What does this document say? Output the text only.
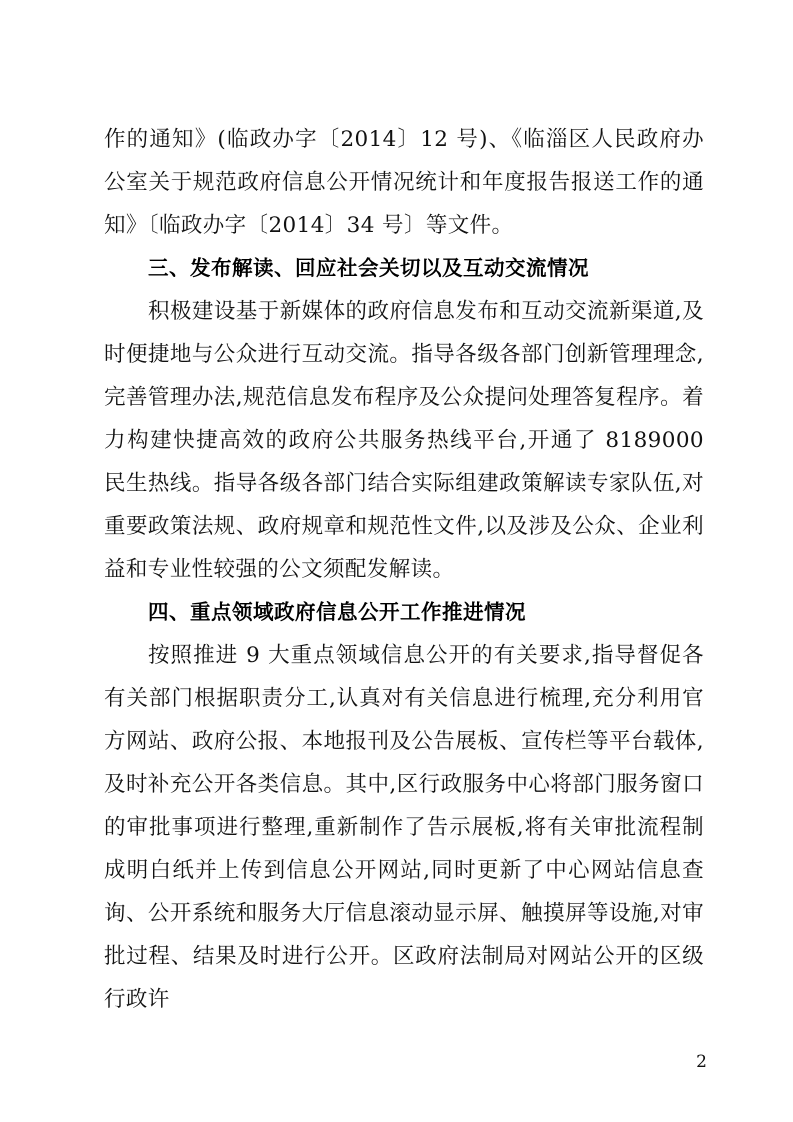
作的通知》(临政办字〔2014〕12 号)、《临淄区人民政府办公室关于规范政府信息公开情况统计和年度报告报送工作的通知》〔临政办字〔2014〕34 号〕等文件。

三、发布解读、回应社会关切以及互动交流情况

积极建设基于新媒体的政府信息发布和互动交流新渠道,及时便捷地与公众进行互动交流。指导各级各部门创新管理理念,完善管理办法,规范信息发布程序及公众提问处理答复程序。着力构建快捷高效的政府公共服务热线平台,开通了 8189000 民生热线。指导各级各部门结合实际组建政策解读专家队伍,对重要政策法规、政府规章和规范性文件,以及涉及公众、企业利益和专业性较强的公文须配发解读。

四、重点领域政府信息公开工作推进情况

按照推进 9 大重点领域信息公开的有关要求,指导督促各有关部门根据职责分工,认真对有关信息进行梳理,充分利用官方网站、政府公报、本地报刊及公告展板、宣传栏等平台载体,及时补充公开各类信息。其中,区行政服务中心将部门服务窗口的审批事项进行整理,重新制作了告示展板,将有关审批流程制成明白纸并上传到信息公开网站,同时更新了中心网站信息查询、公开系统和服务大厅信息滚动显示屏、触摸屏等设施,对审批过程、结果及时进行公开。区政府法制局对网站公开的区级行政许

2
